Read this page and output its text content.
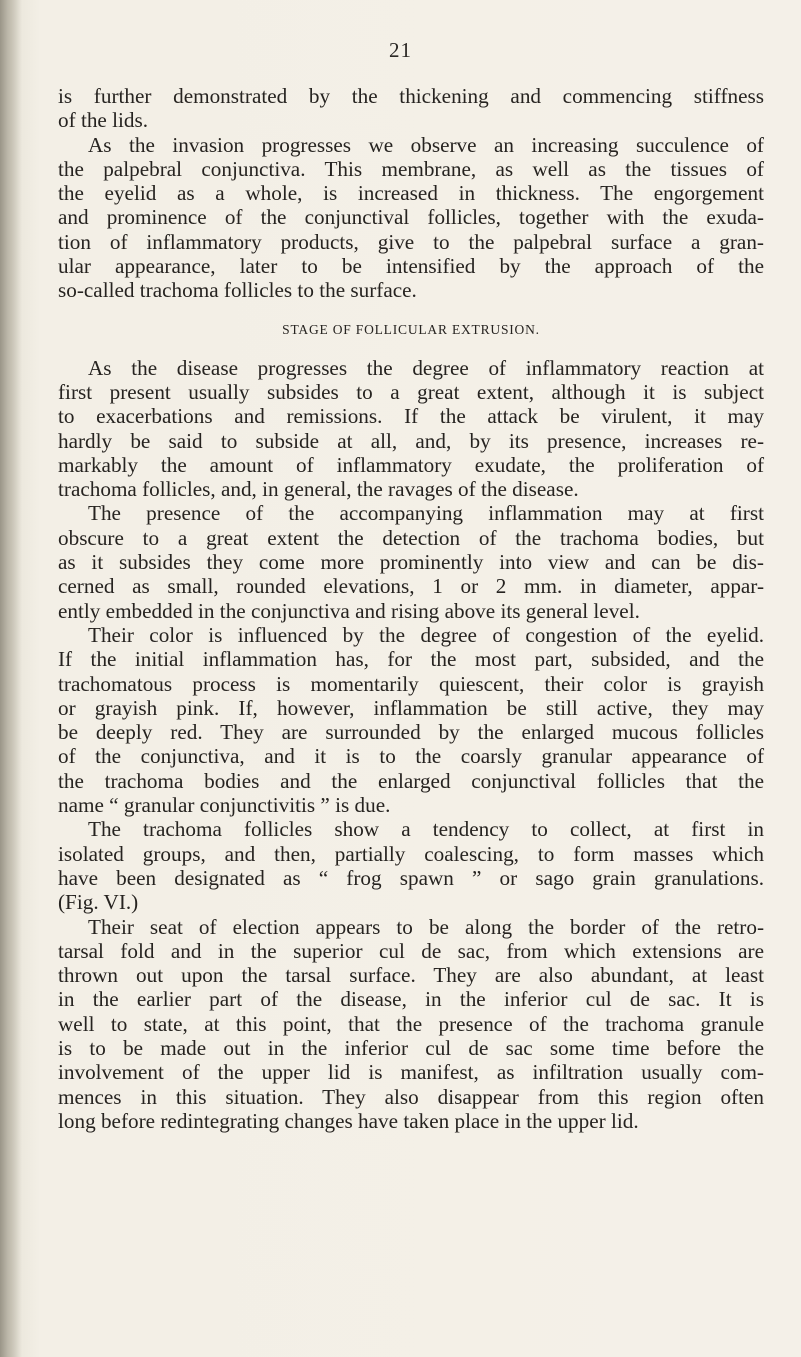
21

is further demonstrated by the thickening and commencing stiffness
of the lids.

As the invasion progresses we observe an increasing succulence of
the palpebral conjunctiva. This membrane, as well as the tissues of
the eyelid as a whole, is increased in thickness. The engorgement
and prominence of the conjunctival follicles, together with the exuda-
tion of inflammatory products, give to the palpebral surface a gran-
ular appearance, later to be intensified by the approach of the
so-called trachoma follicles to the surface.

STAGE OF FOLLICULAR EXTRUSION.

As the disease progresses the degree of inflammatory reaction at
first present usually subsides to a great extent, although it is subject
to exacerbations and remissions. If the attack be virulent, it may
hardly be said to subside at all, and, by its presence, increases re-
markably the amount of inflammatory exudate, the proliferation of
trachoma follicles, and, in general, the ravages of the disease.

The presence of the accompanying inflammation may at first
obscure to a great extent the detection of the trachoma bodies, but
as it subsides they come more prominently into view and can be dis-
cerned as small, rounded elevations, 1 or 2 mm. in diameter, appar-
ently embedded in the conjunctiva and rising above its general level.

Their color is influenced by the degree of congestion of the eyelid.
If the initial inflammation has, for the most part, subsided, and the
trachomatous process is momentarily quiescent, their color is grayish
or grayish pink. If, however, inflammation be still active, they may
be deeply red. They are surrounded by the enlarged mucous follicles
of the conjunctiva, and it is to the coarsly granular appearance of
the trachoma bodies and the enlarged conjunctival follicles that the
name “ granular conjunctivitis ” is due.

The trachoma follicles show a tendency to collect, at first in
isolated groups, and then, partially coalescing, to form masses which
have been designated as “ frog spawn ” or sago grain granulations.
(Fig. VI.)

Their seat of election appears to be along the border of the retro-
tarsal fold and in the superior cul de sac, from which extensions are
thrown out upon the tarsal surface. They are also abundant, at least
in the earlier part of the disease, in the inferior cul de sac. It is
well to state, at this point, that the presence of the trachoma granule
is to be made out in the inferior cul de sac some time before the
involvement of the upper lid is manifest, as infiltration usually com-
mences in this situation. They also disappear from this region often
long before redintegrating changes have taken place in the upper lid.
